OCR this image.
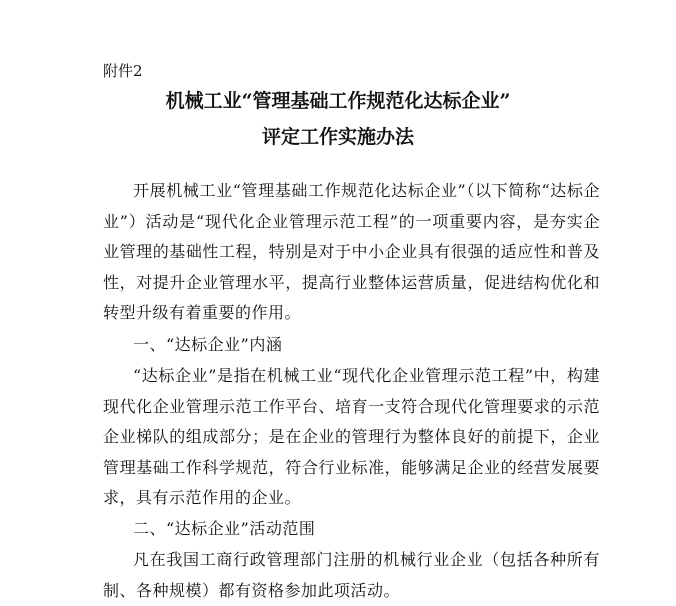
附件2
机械工业“管理基础工作规范化达标企业”
评定工作实施办法
开展机械工业“管理基础工作规范化达标企业”（以下简称“达标企业”）活动是“现代化企业管理示范工程”的一项重要内容，是夯实企业管理的基础性工程，特别是对于中小企业具有很强的适应性和普及性，对提升企业管理水平，提高行业整体运营质量，促进结构优化和转型升级有着重要的作用。
一、“达标企业”内涵
“达标企业”是指在机械工业“现代化企业管理示范工程”中，构建现代化企业管理示范工作平台、培育一支符合现代化管理要求的示范企业梯队的组成部分；是在企业的管理行为整体良好的前提下，企业管理基础工作科学规范，符合行业标准，能够满足企业的经营发展要求，具有示范作用的企业。
二、“达标企业”活动范围
凡在我国工商行政管理部门注册的机械行业企业（包括各种所有制、各种规模）都有资格参加此项活动。
